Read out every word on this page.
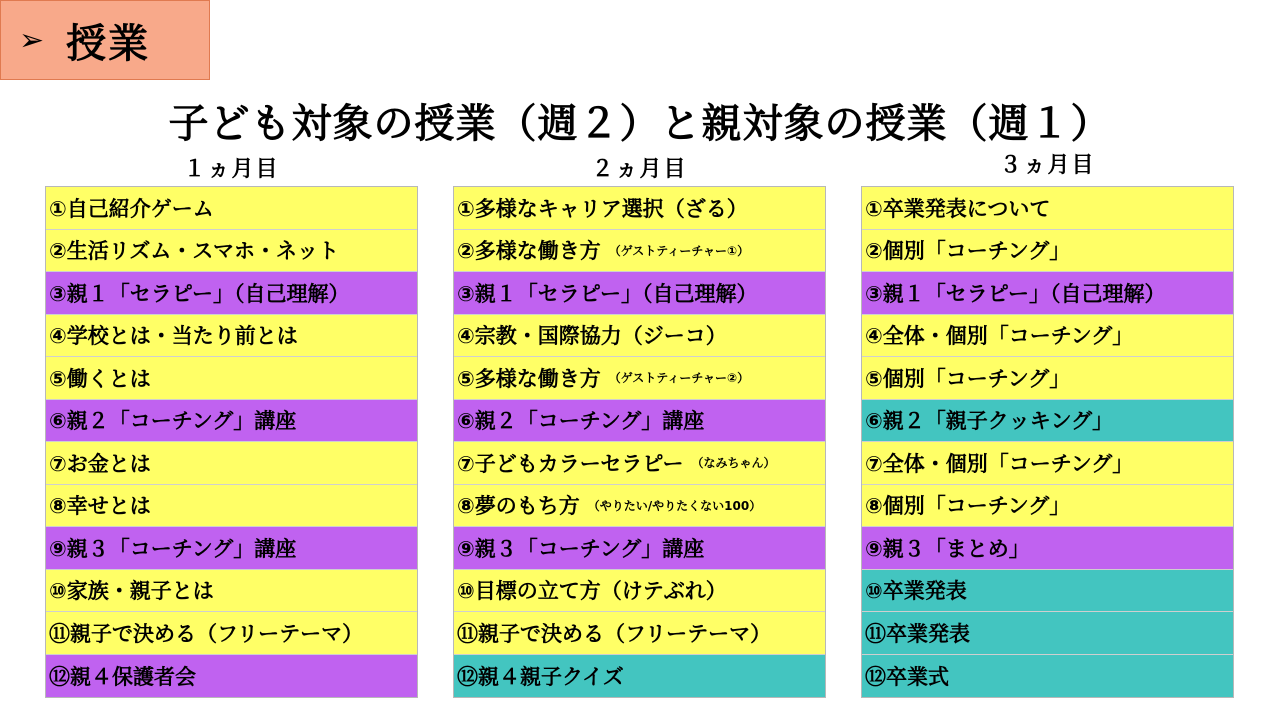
➢ 授業
子ども対象の授業（週２）と親対象の授業（週１）
１ヵ月目	２ヵ月目	３ヵ月目
①自己紹介ゲーム
②生活リズム・スマホ・ネット
③親１「セラピー」（自己理解）
④学校とは・当たり前とは
⑤働くとは
⑥親２「コーチング」講座
⑦お金とは
⑧幸せとは
⑨親３「コーチング」講座
⑩家族・親子とは
⑪親子で決める（フリーテーマ）
⑫親４保護者会
①多様なキャリア選択（ざる）
②多様な働き方 （ゲストティーチャー①）
③親１「セラピー」（自己理解）
④宗教・国際協力（ジーコ）
⑤多様な働き方 （ゲストティーチャー②）
⑥親２「コーチング」講座
⑦子どもカラーセラピー （なみちゃん）
⑧夢のもち方 （やりたい/やりたくない100）
⑨親３「コーチング」講座
⑩目標の立て方（けテぶれ）
⑪親子で決める（フリーテーマ）
⑫親４親子クイズ
①卒業発表について
②個別「コーチング」
③親１「セラピー」（自己理解）
④全体・個別「コーチング」
⑤個別「コーチング」
⑥親２「親子クッキング」
⑦全体・個別「コーチング」
⑧個別「コーチング」
⑨親３「まとめ」
⑩卒業発表
⑪卒業発表
⑫卒業式
